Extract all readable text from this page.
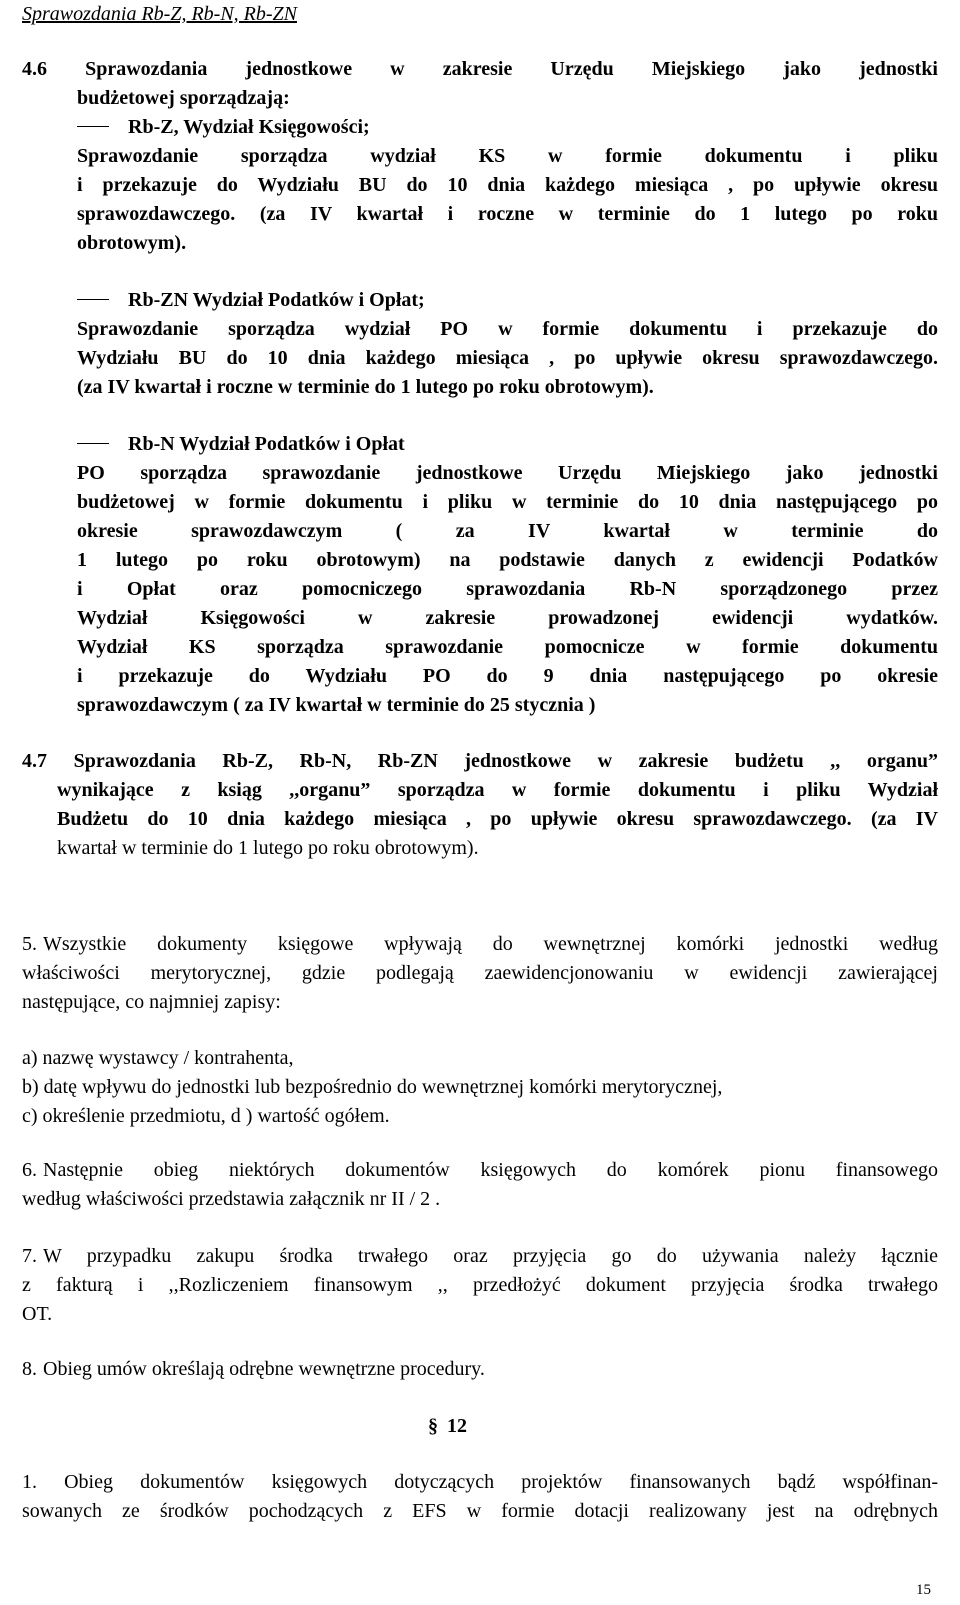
Sprawozdania Rb-Z, Rb-N, Rb-ZN
4.6 Sprawozdania jednostkowe w zakresie Urzędu Miejskiego jako jednostki
budżetowej sporządzają:
Rb-Z, Wydział Księgowości;
Sprawozdanie sporządza wydział KS w formie dokumentu i pliku
i przekazuje do Wydziału BU do 10 dnia każdego miesiąca , po upływie okresu
sprawozdawczego. (za IV kwartał i roczne w terminie do 1 lutego po roku
obrotowym).
Rb-ZN Wydział Podatków i Opłat;
Sprawozdanie sporządza wydział PO w formie dokumentu i przekazuje do
Wydziału BU do 10 dnia każdego miesiąca , po upływie okresu sprawozdawczego.
(za IV kwartał i roczne w terminie do 1 lutego po roku obrotowym).
Rb-N Wydział Podatków i Opłat
PO sporządza sprawozdanie jednostkowe Urzędu Miejskiego jako jednostki
budżetowej w formie dokumentu i pliku w terminie do 10 dnia następującego po
okresie sprawozdawczym ( za IV kwartał w terminie do
1 lutego po roku obrotowym) na podstawie danych z ewidencji Podatków
i Opłat oraz pomocniczego sprawozdania Rb-N sporządzonego przez
Wydział Księgowości w zakresie prowadzonej ewidencji wydatków.
Wydział KS sporządza sprawozdanie pomocnicze w formie dokumentu
i przekazuje do Wydziału PO do 9 dnia następującego po okresie
sprawozdawczym ( za IV kwartał w terminie do 25 stycznia )
4.7 Sprawozdania Rb-Z, Rb-N, Rb-ZN jednostkowe w zakresie budżetu ,, organu”
wynikające z ksiąg ,,organu” sporządza w formie dokumentu i pliku Wydział
Budżetu do 10 dnia każdego miesiąca , po upływie okresu sprawozdawczego. (za IV
kwartał w terminie do 1 lutego po roku obrotowym).
5. Wszystkie dokumenty księgowe wpływają do wewnętrznej komórki jednostki według
właściwości merytorycznej, gdzie podlegają zaewidencjonowaniu w ewidencji zawierającej
następujące, co najmniej zapisy:
a) nazwę wystawcy / kontrahenta,
b) datę wpływu do jednostki lub bezpośrednio do wewnętrznej komórki merytorycznej,
c) określenie przedmiotu, d ) wartość ogółem.
6. Następnie obieg niektórych dokumentów księgowych do komórek pionu finansowego
według właściwości przedstawia załącznik nr II / 2 .
7. W przypadku zakupu środka trwałego oraz przyjęcia go do używania należy łącznie
z fakturą i ,,Rozliczeniem finansowym ,, przedłożyć dokument przyjęcia środka trwałego
OT.
8. Obieg umów określają odrębne wewnętrzne procedury.
§ 12
1. Obieg dokumentów księgowych dotyczących projektów finansowanych bądź współfinan-
sowanych ze środków pochodzących z EFS w formie dotacji realizowany jest na odrębnych
15
